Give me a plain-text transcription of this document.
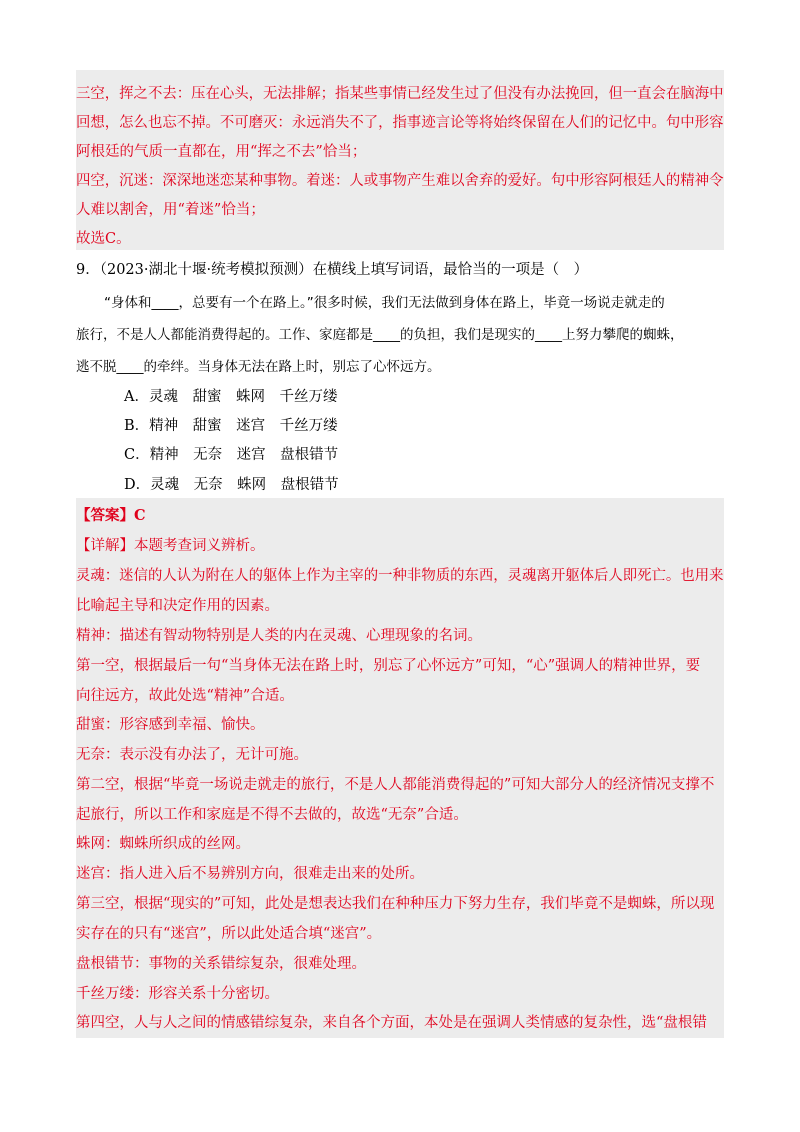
三空，挥之不去：压在心头，无法排解；指某些事情已经发生过了但没有办法挽回，但一直会在脑海中
回想，怎么也忘不掉。不可磨灭：永远消失不了，指事迹言论等将始终保留在人们的记忆中。句中形容
阿根廷的气质一直都在，用“挥之不去”恰当；
四空，沉迷：深深地迷恋某种事物。着迷：人或事物产生难以舍弃的爱好。句中形容阿根廷人的精神令
人难以割舍，用“着迷”恰当；
故选C。
9．（2023·湖北十堰·统考模拟预测）在横线上填写词语，最恰当的一项是（　）
“身体和____，总要有一个在路上。”很多时候，我们无法做到身体在路上，毕竟一场说走就走的
旅行，不是人人都能消费得起的。工作、家庭都是____的负担，我们是现实的____上努力攀爬的蜘蛛，
逃不脱____的牵绊。当身体无法在路上时，别忘了心怀远方。
A．灵魂　甜蜜　蛛网　千丝万缕
B．精神　甜蜜　迷宫　千丝万缕
C．精神　无奈　迷宫　盘根错节
D．灵魂　无奈　蛛网　盘根错节
【答案】C
【详解】本题考查词义辨析。
灵魂：迷信的人认为附在人的躯体上作为主宰的一种非物质的东西，灵魂离开躯体后人即死亡。也用来
比喻起主导和决定作用的因素。
精神：描述有智动物特别是人类的内在灵魂、心理现象的名词。
第一空，根据最后一句“当身体无法在路上时，别忘了心怀远方”可知，“心”强调人的精神世界，要
向往远方，故此处选“精神”合适。
甜蜜：形容感到幸福、愉快。
无奈：表示没有办法了，无计可施。
第二空，根据“毕竟一场说走就走的旅行，不是人人都能消费得起的”可知大部分人的经济情况支撑不
起旅行，所以工作和家庭是不得不去做的，故选“无奈”合适。
蛛网：蜘蛛所织成的丝网。
迷宫：指人进入后不易辨别方向，很难走出来的处所。
第三空，根据“现实的”可知，此处是想表达我们在种种压力下努力生存，我们毕竟不是蜘蛛，所以现
实存在的只有“迷宫”，所以此处适合填“迷宫”。
盘根错节：事物的关系错综复杂，很难处理。
千丝万缕：形容关系十分密切。
第四空，人与人之间的情感错综复杂，来自各个方面，本处是在强调人类情感的复杂性，选“盘根错
